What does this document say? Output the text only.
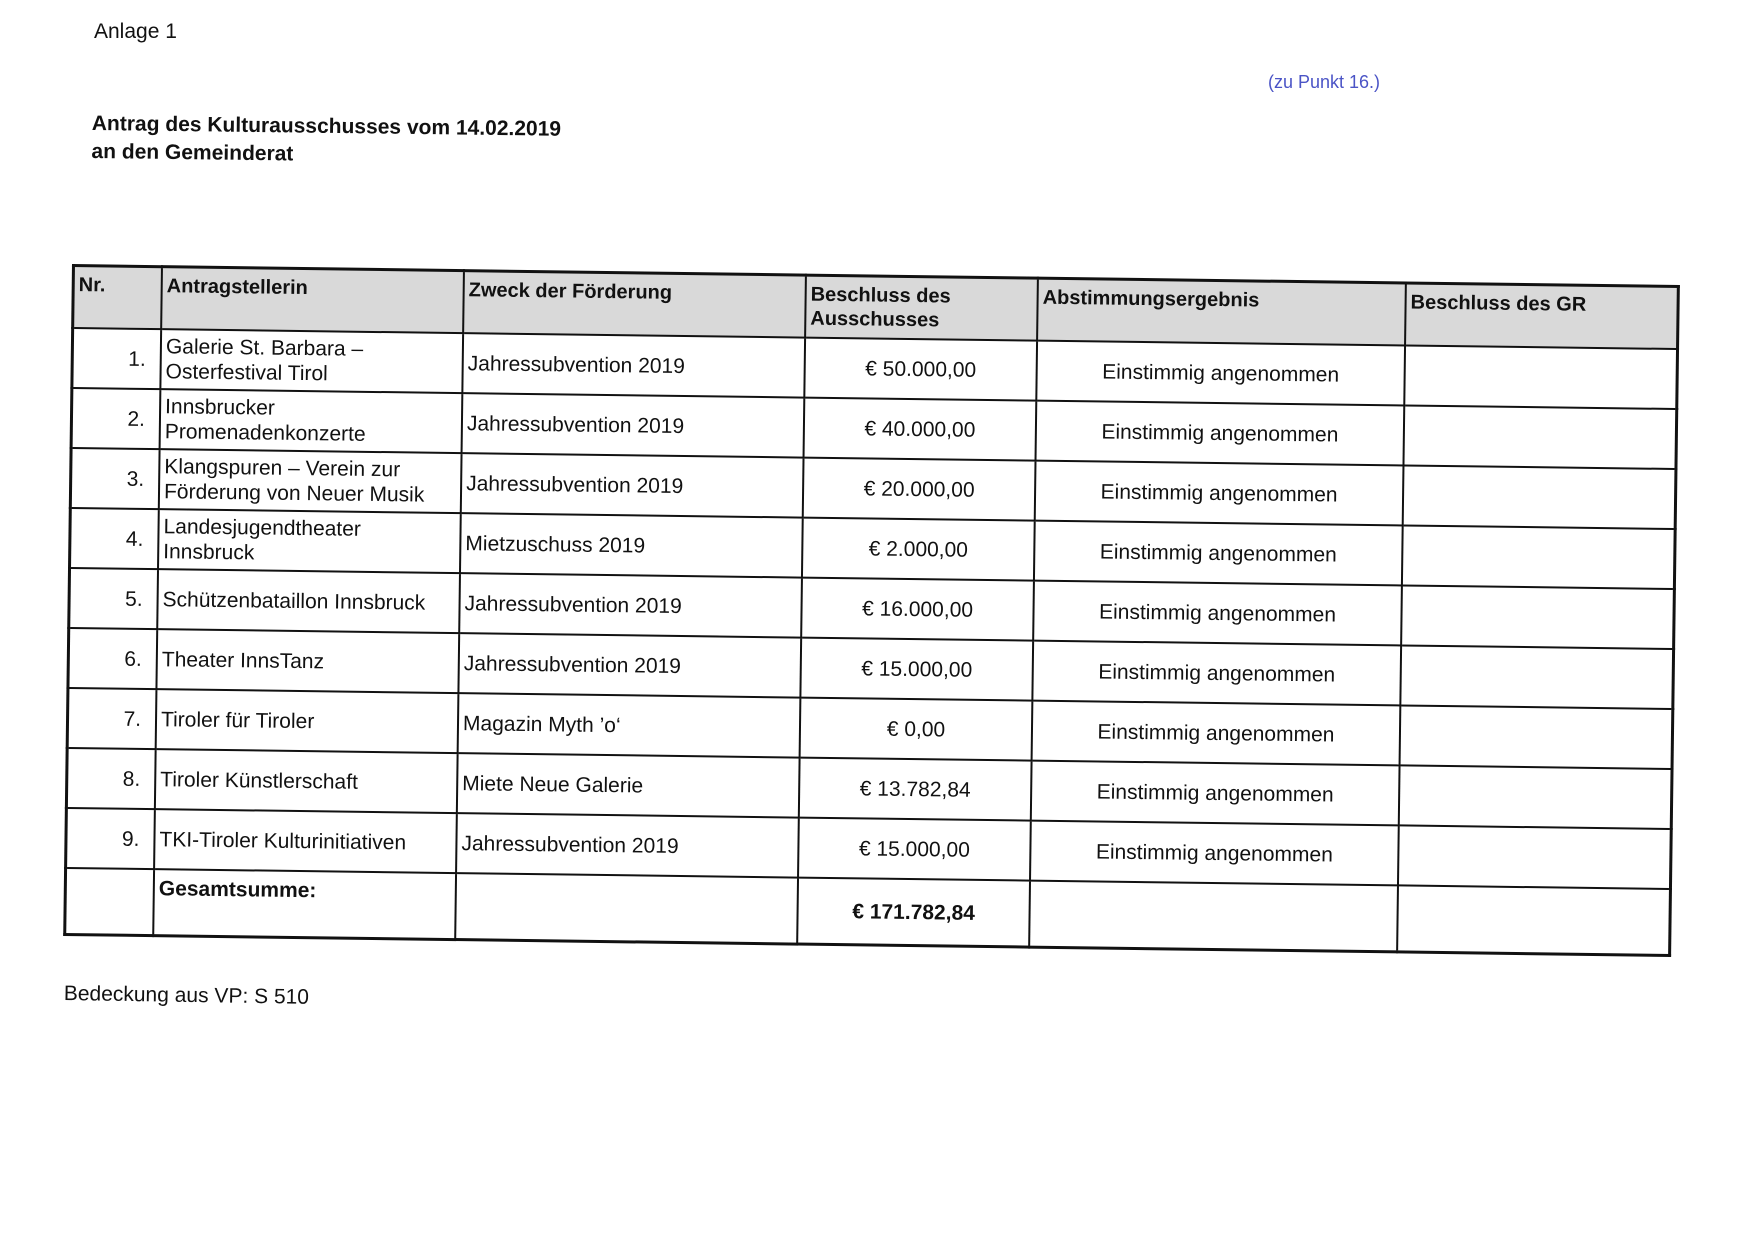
Anlage 1
(zu Punkt 16.)
Antrag des Kulturausschusses vom 14.02.2019
an den Gemeinderat
Nr.	Antragstellerin	Zweck der Förderung	Beschluss des Ausschusses	Abstimmungsergebnis	Beschluss des GR
1.	Galerie St. Barbara – Osterfestival Tirol	Jahressubvention 2019	€ 50.000,00	Einstimmig angenommen	
2.	Innsbrucker Promenadenkonzerte	Jahressubvention 2019	€ 40.000,00	Einstimmig angenommen	
3.	Klangspuren – Verein zur Förderung von Neuer Musik	Jahressubvention 2019	€ 20.000,00	Einstimmig angenommen	
4.	Landesjugendtheater Innsbruck	Mietzuschuss 2019	€ 2.000,00	Einstimmig angenommen	
5.	Schützenbataillon Innsbruck	Jahressubvention 2019	€ 16.000,00	Einstimmig angenommen	
6.	Theater InnsTanz	Jahressubvention 2019	€ 15.000,00	Einstimmig angenommen	
7.	Tiroler für Tiroler	Magazin Myth ’o‘	€ 0,00	Einstimmig angenommen	
8.	Tiroler Künstlerschaft	Miete Neue Galerie	€ 13.782,84	Einstimmig angenommen	
9.	TKI-Tiroler Kulturinitiativen	Jahressubvention 2019	€ 15.000,00	Einstimmig angenommen	
	Gesamtsumme:		€ 171.782,84		
Bedeckung aus VP: S 510
